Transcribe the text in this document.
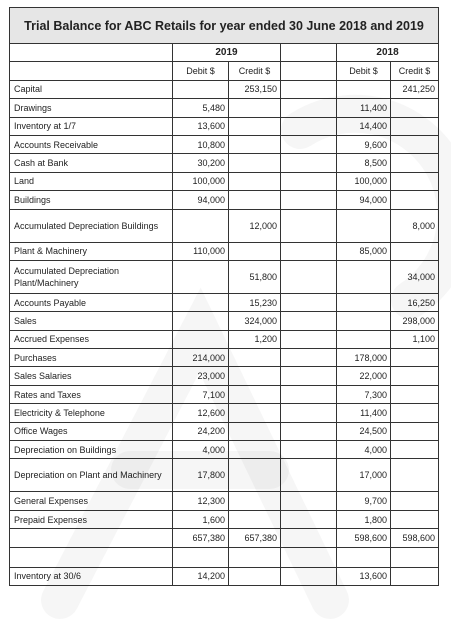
Trial Balance for ABC Retails for year ended 30 June 2018 and 2019					
	2019			2018	
	Debit $	Credit $		Debit $	Credit $
Capital		253,150			241,250
Drawings	5,480			11,400	
Inventory at 1/7	13,600			14,400	
Accounts Receivable	10,800			9,600	
Cash at Bank	30,200			8,500	
Land	100,000			100,000	
Buildings	94,000			94,000	
Accumulated Depreciation Buildings		12,000			8,000
Plant & Machinery	110,000			85,000	
Accumulated Depreciation Plant/Machinery		51,800			34,000
Accounts Payable		15,230			16,250
Sales		324,000			298,000
Accrued Expenses		1,200			1,100
Purchases	214,000			178,000	
Sales Salaries	23,000			22,000	
Rates and Taxes	7,100			7,300	
Electricity & Telephone	12,600			11,400	
Office Wages	24,200			24,500	
Depreciation on Buildings	4,000			4,000	
Depreciation on Plant and Machinery	17,800			17,000	
General Expenses	12,300			9,700	
Prepaid Expenses	1,600			1,800	
	657,380	657,380		598,600	598,600

Inventory at 30/6	14,200			13,600	
